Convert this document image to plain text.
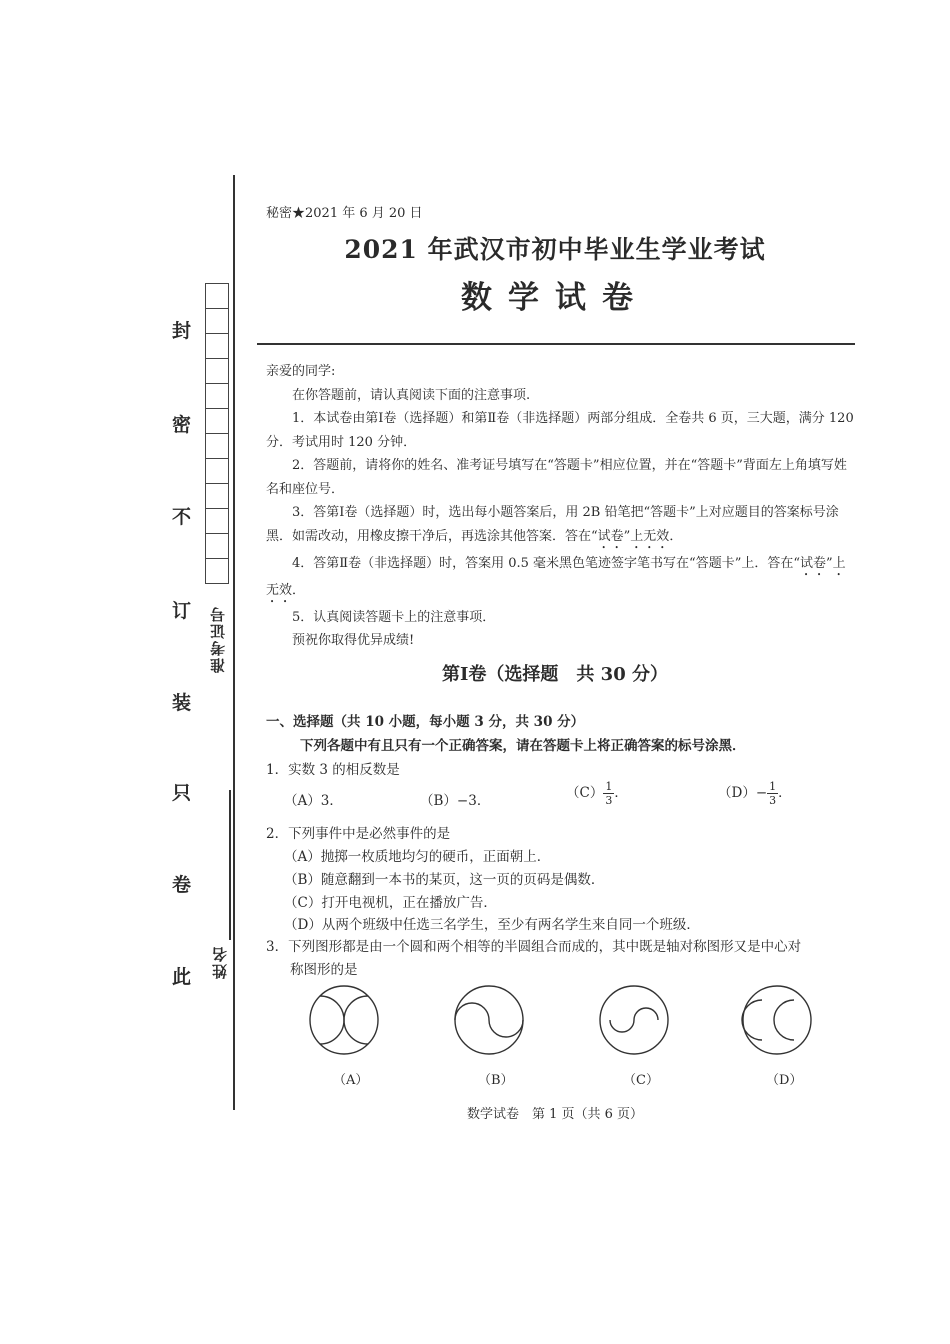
封
密
不
订
装
只
卷
此
准考证号
姓名
秘密★2021 年 6 月 20 日
2021 年武汉市初中毕业生学业考试
数学试卷

亲爱的同学:

在你答题前，请认真阅读下面的注意事项.

1．本试卷由第Ⅰ卷（选择题）和第Ⅱ卷（非选择题）两部分组成．全卷共 6 页，三大题，满分 120 分．考试用时 120 分钟．

2．答题前，请将你的姓名、准考证号填写在“答题卡”相应位置，并在“答题卡”背面左上角填写姓名和座位号．

3．答第Ⅰ卷（选择题）时，选出每小题答案后，用 2B 铅笔把“答题卡”上对应题目的答案标号涂黑．如需改动，用橡皮擦干净后，再选涂其他答案．答在“试卷”上无效．

4．答第Ⅱ卷（非选择题）时，答案用 0.5 毫米黑色笔迹签字笔书写在“答题卡”上．答在“试卷”上无效．

5．认真阅读答题卡上的注意事项．

预祝你取得优异成绩!

第Ⅰ卷（选择题　共 30 分）
一、选择题（共 10 小题，每小题 3 分，共 30 分）
下列各题中有且只有一个正确答案，请在答题卡上将正确答案的标号涂黑．
1．实数 3 的相反数是
（A）3．	（B）−3．	$(C) \frac{1}{3}$ ．	$(D)- \frac{1}{3}$ ．
2．下列事件中是必然事件的是
（A）抛掷一枚质地均匀的硬币，正面朝上．
（B）随意翻到一本书的某页，这一页的页码是偶数．
（C）打开电视机，正在播放广告．
（D）从两个班级中任选三名学生，至少有两名学生来自同一个班级．
3．下列图形都是由一个圆和两个相等的半圆组合而成的，其中既是轴对称图形又是中心对
称图形的是
（A）	（B）	（C）	（D）
数学试卷　第 1 页（共 6 页）
